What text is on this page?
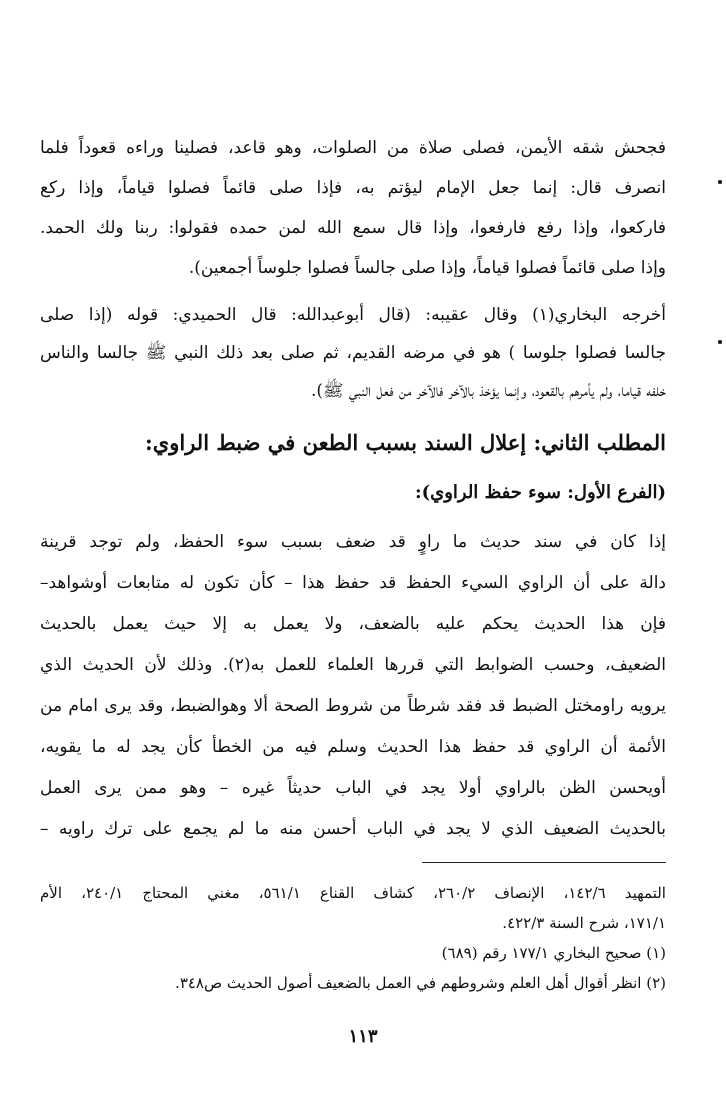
فجحش شقه الأيمن، فصلى صلاة من الصلوات، وهو قاعد، فصلينا وراءه قعوداً فلما
انصرف قال: إنما جعل الإمام ليؤتم به، فإذا صلى قائماً فصلوا قياماً، وإذا ركع
فاركعوا، وإذا رفع فارفعوا، وإذا قال سمع الله لمن حمده فقولوا: ربنا ولك الحمد.
وإذا صلى قائماً فصلوا قياماً، وإذا صلى جالساً فصلوا جلوساً أجمعين).
أخرجه البخاري(١) وقال عقيبه: (قال أبوعبدالله: قال الحميدي: قوله (إذا صلى
جالسا فصلوا جلوسا ) هو في مرضه القديم، ثم صلى بعد ذلك النبي ﷺ جالسا والناس
خلفه قياما، ولم يأمرهم بالقعود، وإنما يؤخذ بالآخر فالآخر من فعل النبي ﷺ).
المطلب الثاني: إعلال السند بسبب الطعن في ضبط الراوي:
(الفرع الأول: سوء حفظ الراوي):
إذا كان في سند حديث ما راوٍ قد ضعف بسبب سوء الحفظ، ولم توجد قرينة
دالة على أن الراوي السيء الحفظ قد حفظ هذا – كأن تكون له متابعات أوشواهد–
فإن هذا الحديث يحكم عليه بالضعف، ولا يعمل به إلا حيث يعمل بالحديث
الضعيف، وحسب الضوابط التي قررها العلماء للعمل به(٢). وذلك لأن الحديث الذي
يرويه راومختل الضبط قد فقد شرطاً من شروط الصحة ألا وهوالضبط، وقد يرى امام من
الأئمة أن الراوي قد حفظ هذا الحديث وسلم فيه من الخطأ كأن يجد له ما يقويه،
أويحسن الظن بالراوي أولا يجد في الباب حديثاً غيره – وهو ممن يرى العمل
بالحديث الضعيف الذي لا يجد في الباب أحسن منه ما لم يجمع على ترك راويه –
التمهيد ١٤٢/٦، الإنصاف ٢٦٠/٢، كشاف القناع ٥٦١/١، مغني المحتاج ٢٤٠/١، الأم
١٧١/١، شرح السنة ٤٢٢/٣.
(١) صحيح البخاري ١٧٧/١ رقم (٦٨٩)
(٢) انظر أقوال أهل العلم وشروطهم في العمل بالضعيف أصول الحديث ص٣٤٨.
١١٣
